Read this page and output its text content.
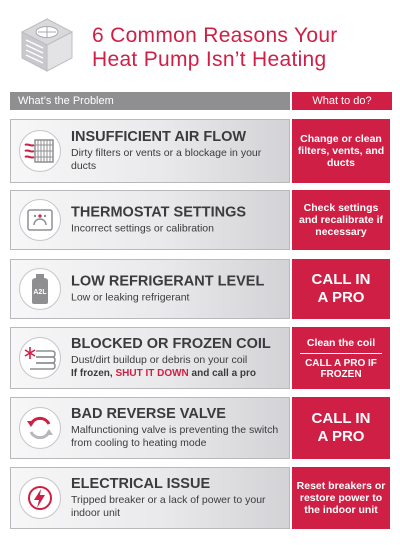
6 Common Reasons Your
Heat Pump Isn’t Heating
What’s the Problem	What to do?
INSUFFICIENT AIR FLOW
Dirty filters or vents or a blockage in your ducts
Change or clean filters, vents, and ducts
THERMOSTAT SETTINGS
Incorrect settings or calibration
Check settings and recalibrate if necessary
A2L
LOW REFRIGERANT LEVEL
Low or leaking refrigerant
CALL IN A PRO
BLOCKED OR FROZEN COIL
Dust/dirt buildup or debris on your coil
If frozen, SHUT IT DOWN and call a pro
Clean the coil
CALL A PRO IF FROZEN
BAD REVERSE VALVE
Malfunctioning valve is preventing the switch from cooling to heating mode
CALL IN A PRO
ELECTRICAL ISSUE
Tripped breaker or a lack of power to your indoor unit
Reset breakers or restore power to the indoor unit
